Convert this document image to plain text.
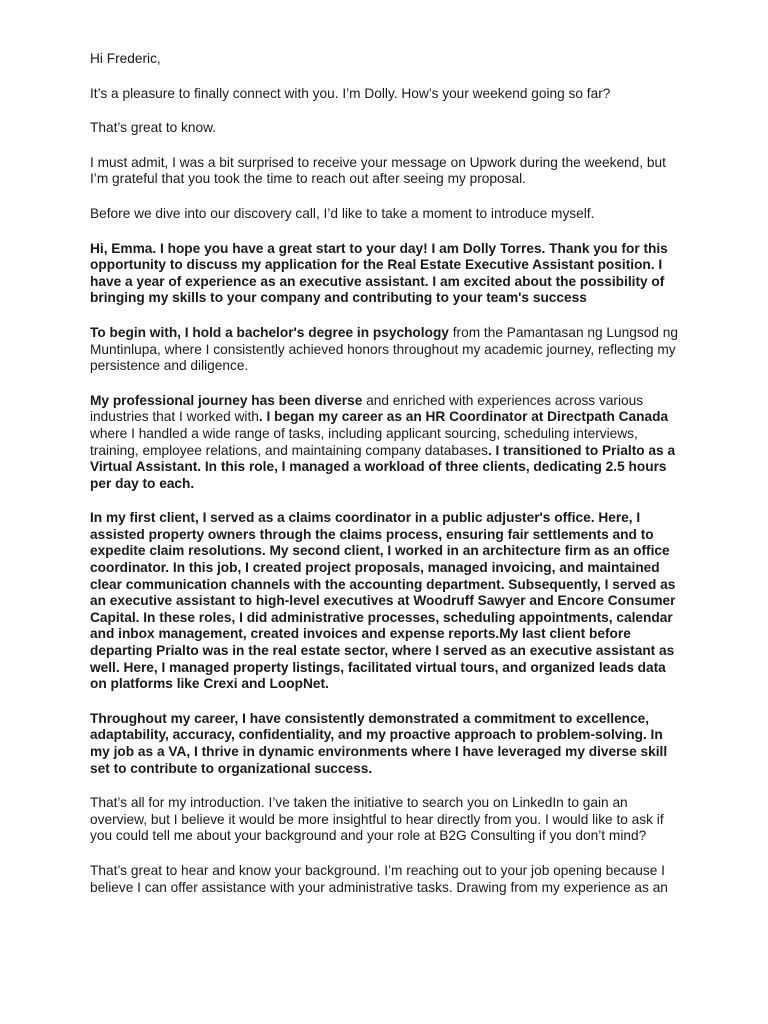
Hi Frederic,

It’s a pleasure to finally connect with you. I’m Dolly. How’s your weekend going so far?

That’s great to know.

I must admit, I was a bit surprised to receive your message on Upwork during the weekend, but I’m grateful that you took the time to reach out after seeing my proposal.

Before we dive into our discovery call, I’d like to take a moment to introduce myself.

Hi, Emma. I hope you have a great start to your day! I am Dolly Torres. Thank you for this opportunity to discuss my application for the Real Estate Executive Assistant position. I have a year of experience as an executive assistant. I am excited about the possibility of bringing my skills to your company and contributing to your team's success

To begin with, I hold a bachelor's degree in psychology from the Pamantasan ng Lungsod ng Muntinlupa, where I consistently achieved honors throughout my academic journey, reflecting my persistence and diligence.

My professional journey has been diverse and enriched with experiences across various industries that I worked with. I began my career as an HR Coordinator at Directpath Canada where I handled a wide range of tasks, including applicant sourcing, scheduling interviews, training, employee relations, and maintaining company databases. I transitioned to Prialto as a Virtual Assistant. In this role, I managed a workload of three clients, dedicating 2.5 hours per day to each.

In my first client, I served as a claims coordinator in a public adjuster's office. Here, I assisted property owners through the claims process, ensuring fair settlements and to expedite claim resolutions. My second client, I worked in an architecture firm as an office coordinator. In this job, I created project proposals, managed invoicing, and maintained clear communication channels with the accounting department. Subsequently, I served as an executive assistant to high-level executives at Woodruff Sawyer and Encore Consumer Capital. In these roles, I did administrative processes, scheduling appointments, calendar and inbox management, created invoices and expense reports.My last client before departing Prialto was in the real estate sector, where I served as an executive assistant as well. Here, I managed property listings, facilitated virtual tours, and organized leads data on platforms like Crexi and LoopNet.

Throughout my career, I have consistently demonstrated a commitment to excellence, adaptability, accuracy, confidentiality, and my proactive approach to problem-solving. In my job as a VA, I thrive in dynamic environments where I have leveraged my diverse skill set to contribute to organizational success.

That’s all for my introduction. I’ve taken the initiative to search you on LinkedIn to gain an overview, but I believe it would be more insightful to hear directly from you. I would like to ask if you could tell me about your background and your role at B2G Consulting if you don’t mind?

That’s great to hear and know your background. I’m reaching out to your job opening because I believe I can offer assistance with your administrative tasks. Drawing from my experience as an
